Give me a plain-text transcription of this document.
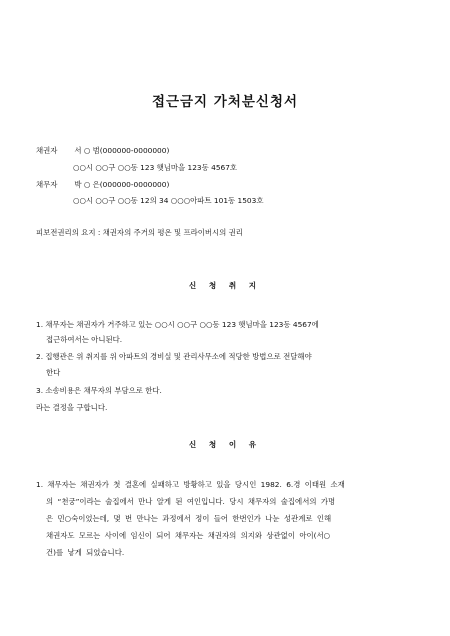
접근금지 가처분신청서
채권자 서 ○ 범(000000-0000000)
○○시 ○○구 ○○동 123 햇님마을 123동 4567호
채무자 박 ○ 은(000000-0000000)
○○시 ○○구 ○○동 12의 34 ○○○아파트 101동 1503호
피보전권리의 요지 : 채권자의 주거의 평온 및 프라이버시의 권리
신 청 취 지
1. 채무자는 채권자가 거주하고 있는 ○○시 ○○구 ○○동 123 햇님마을 123동 4567에
접근하여서는 아니된다.
2. 집행관은 위 취지를 위 아파트의 경비실 및 관리사무소에 적당한 방법으로 전달해야
한다
3. 소송비용은 채무자의 부담으로 한다.
라는 결정을 구합니다.
신 청 이 유
1. 채무자는 채권자가 첫 결혼에 실패하고 방황하고 있을 당시인 1982. 6.경 이태원 소재
의 “천궁”이라는 술집에서 만나 알게 된 여인입니다. 당시 채무자의 술집에서의 가명
은 민○숙이었는데, 몇 번 만나는 과정에서 정이 들어 한번인가 나눈 성관계로 인해
채권자도 모르는 사이에 임신이 되어 채무자는 채권자의 의지와 상관없이 아이(서○
건)를 낳게 되었습니다.
